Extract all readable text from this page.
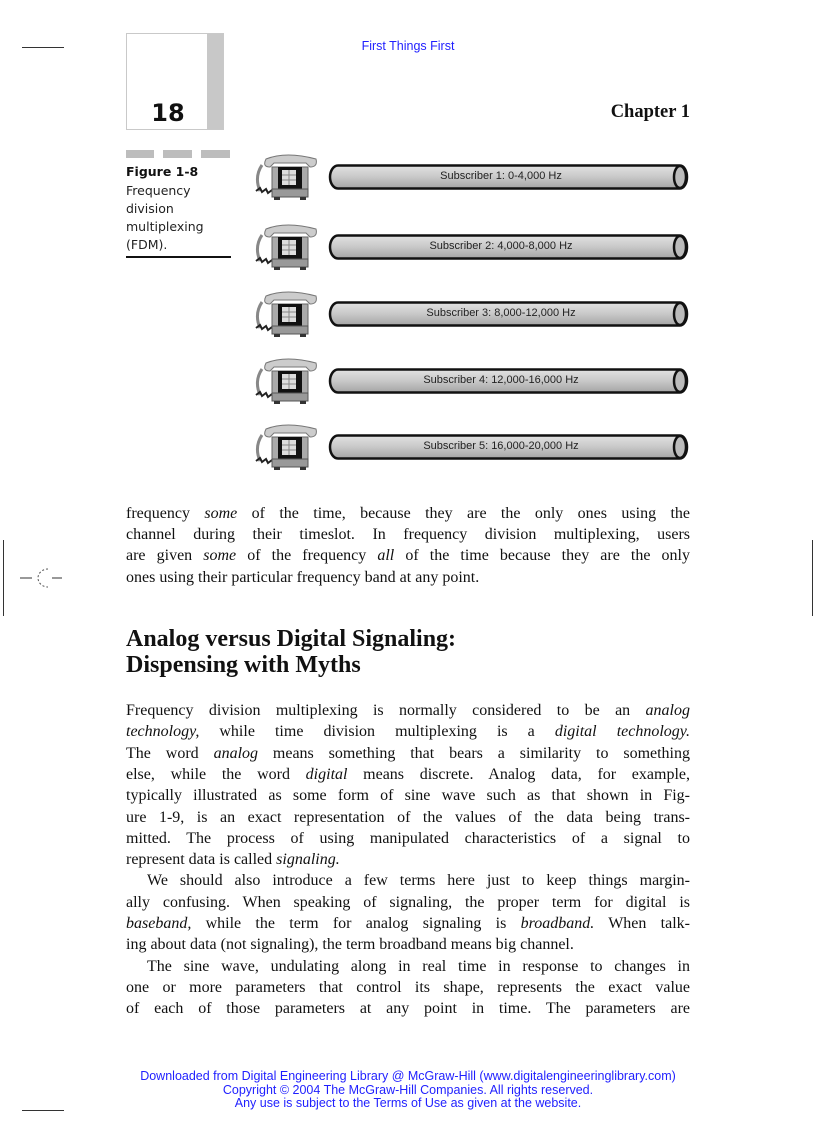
First Things First
18	Chapter 1
Figure 1-8
Frequency
division
multiplexing
(FDM).
Subscriber 1: 0-4,000 Hz
Subscriber 2: 4,000-8,000 Hz
Subscriber 3: 8,000-12,000 Hz
Subscriber 4: 12,000-16,000 Hz
Subscriber 5: 16,000-20,000 Hz
frequency some of the time, because they are the only ones using the
channel during their timeslot. In frequency division multiplexing, users
are given some of the frequency all of the time because they are the only
ones using their particular frequency band at any point.
Analog versus Digital Signaling:
Dispensing with Myths
Frequency division multiplexing is normally considered to be an analog
technology, while time division multiplexing is a digital technology.
The word analog means something that bears a similarity to something
else, while the word digital means discrete. Analog data, for example,
typically illustrated as some form of sine wave such as that shown in Fig-
ure 1-9, is an exact representation of the values of the data being trans-
mitted. The process of using manipulated characteristics of a signal to
represent data is called signaling.
We should also introduce a few terms here just to keep things margin-
ally confusing. When speaking of signaling, the proper term for digital is
baseband, while the term for analog signaling is broadband. When talk-
ing about data (not signaling), the term broadband means big channel.
The sine wave, undulating along in real time in response to changes in
one or more parameters that control its shape, represents the exact value
of each of those parameters at any point in time. The parameters are
Downloaded from Digital Engineering Library @ McGraw-Hill (www.digitalengineeringlibrary.com)
Copyright © 2004 The McGraw-Hill Companies. All rights reserved.
Any use is subject to the Terms of Use as given at the website.
